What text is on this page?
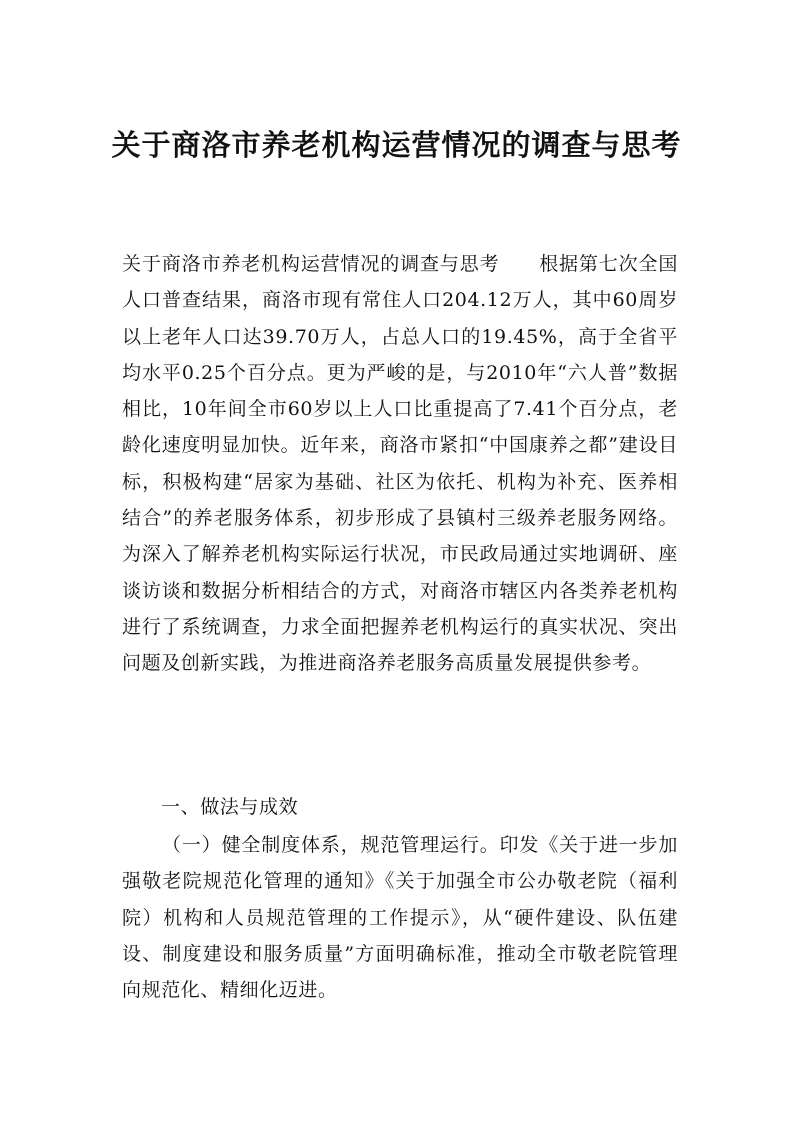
关于商洛市养老机构运营情况的调查与思考

关于商洛市养老机构运营情况的调查与思考　　根据第七次全国人口普查结果，商洛市现有常住人口204.12万人，其中60周岁以上老年人口达39.70万人，占总人口的19.45%，高于全省平均水平0.25个百分点。更为严峻的是，与2010年“六人普”数据相比，10年间全市60岁以上人口比重提高了7.41个百分点，老龄化速度明显加快。近年来，商洛市紧扣“中国康养之都”建设目标，积极构建“居家为基础、社区为依托、机构为补充、医养相结合”的养老服务体系，初步形成了县镇村三级养老服务网络。为深入了解养老机构实际运行状况，市民政局通过实地调研、座谈访谈和数据分析相结合的方式，对商洛市辖区内各类养老机构进行了系统调查，力求全面把握养老机构运行的真实状况、突出问题及创新实践，为推进商洛养老服务高质量发展提供参考。

一、做法与成效

（一）健全制度体系，规范管理运行。印发《关于进一步加强敬老院规范化管理的通知》《关于加强全市公办敬老院（福利院）机构和人员规范管理的工作提示》，从“硬件建设、队伍建设、制度建设和服务质量”方面明确标准，推动全市敬老院管理向规范化、精细化迈进。
